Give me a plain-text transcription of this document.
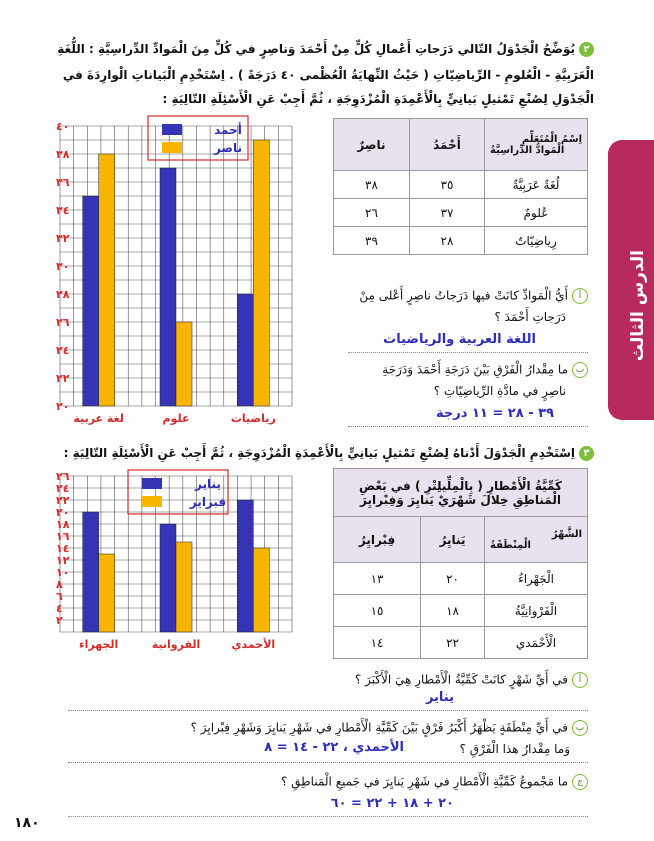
الدرس الثالث
٢يُوَضِّحُ الْجَدْوَلُ التّالي دَرَجاتِ أَعْمالِ كُلٍّ مِنْ أَحْمَدَ وَناصِرٍ في كُلٍّ مِنَ الْمَوادِّ الدِّراسِيَّةِ : اللُّغَةِ
الْعَرَبِيَّةِ - الْعُلومِ - الرِّياضِيّاتِ ( حَيْثُ النِّهايَةُ الْعُظْمى ٤٠ دَرَجَةً ) . اِسْتَخْدِمِ الْبَياناتِ الْوارِدَةَ في
الْجَدْوَلِ لِصُنْعِ تَمْثيلٍ بَيانِيٍّ بِالْأَعْمِدَةِ الْمُزْدَوِجَةِ ، ثُمَّ أَجِبْ عَنِ الْأَسْئِلَةِ التّالِيَةِ :
٢٠
٢٢
٢٤
٢٦
٢٨
٣٠
٣٢
٣٤
٣٦
٣٨
٤٠
لغة عربية	علوم	رياضيات
أحمد
ناصر
اِسْمُ الْمُتَعَلِّمِ
الْمَوادُّ الدِّراسِيَّةُ	أَحْمَدُ	ناصِرٌ
لُغَةٌ عَرَبِيَّةٌ	٣٥	٣٨
عُلومٌ	٣٧	٢٦
رِياضِيّاتٌ	٢٨	٣٩
أأَيُّ الْمَوادِّ كانَتْ فيها دَرَجاتُ ناصِرٍ أَعْلى مِنْ
دَرَجاتِ أَحْمَدَ ؟
اللغة العربية والرياضيات
بما مِقْدارُ الْفَرْقِ بَيْنَ دَرَجَةِ أَحْمَدَ وَدَرَجَةِ
ناصِرٍ في مادَّةِ الرِّياضِيّاتِ ؟
٣٩ - ٢٨ = ١١ درجة
٣اِسْتَخْدِمِ الْجَدْوَلَ أَدْناهُ لِصُنْعِ تَمْثيلٍ بَيانِيٍّ بِالْأَعْمِدَةِ الْمُزْدَوِجَةِ ، ثُمَّ أَجِبْ عَنِ الْأَسْئِلَةِ التّالِيَةِ :
٢
٤
٦
٨
١٠
١٢
١٤
١٦
١٨
٢٠
٢٢
٢٤
٢٦
الجهراء	الفروانية	الأحمدي
يناير
فبراير
كَمِّيَّةُ الْأَمْطارِ ( بِالْمِلِّيلِتْرِ ) في بَعْضِ
الْمَناطِقِ خِلالَ شَهْرَيْ يَنايِرَ وَفِبْرايِرَ		

الشَّهْرُ
الْمِنْطَقَةُ	يَنايِرُ	فِبْرايِرُ
الْجَهْراءُ	٢٠	١٣
الْفَرْوانِيَّةُ	١٨	١٥
الْأَحْمَدي	٢٢	١٤
أفي أَيِّ شَهْرٍ كانَتْ كَمِّيَّةُ الْأَمْطارِ هِيَ الْأَكْبَرَ ؟
يناير
بفي أَيِّ مِنْطَقَةٍ يَظْهَرُ أَكْبَرُ فَرْقٍ بَيْنَ كَمِّيَّةِ الْأَمْطارِ في شَهْرِ يَنايِرَ وَشَهْرِ فِبْرايِرَ ؟
وَما مِقْدارُ هذا الْفَرْقِ ؟
الأحمدي ، ٢٢ - ١٤ = ٨
جما مَجْموعُ كَمِّيَّةِ الْأَمْطارِ في شَهْرِ يَنايِرَ في جَميعِ الْمَناطِقِ ؟
٢٠ + ١٨ + ٢٢ = ٦٠
١٨٠
